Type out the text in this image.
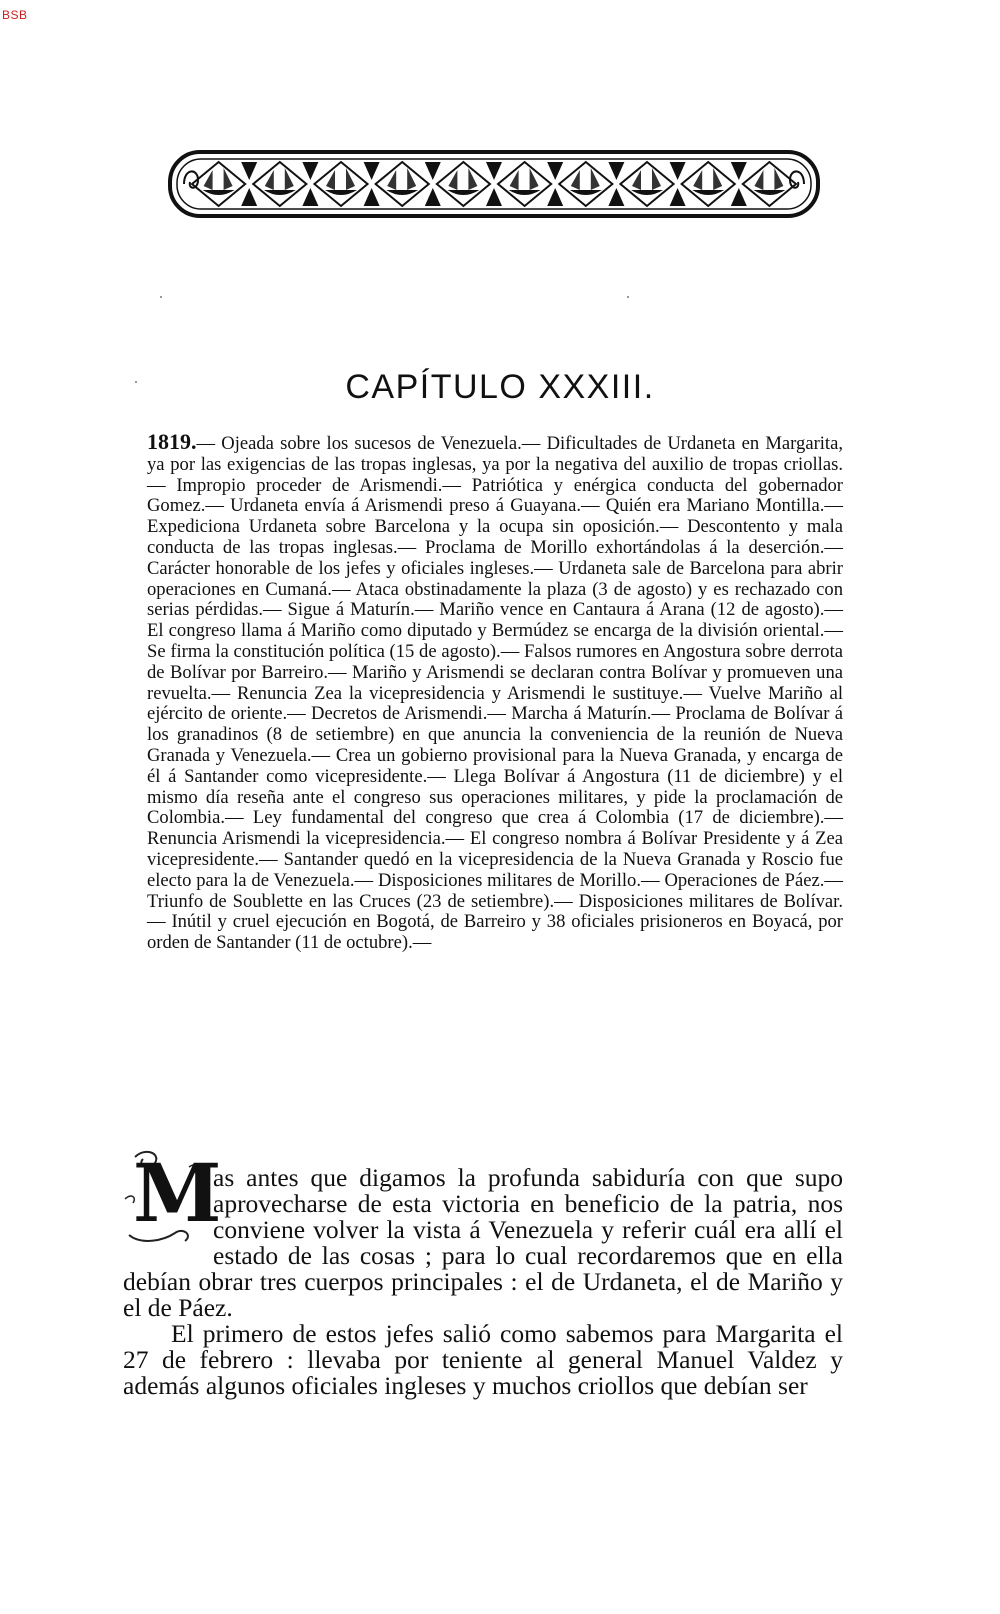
BSB
CAPÍTULO XXXIII.

1819.— Ojeada sobre los sucesos de Venezuela.— Dificultades de Urdaneta en Margarita, ya por las exigencias de las tropas inglesas, ya por la negativa del auxilio de tropas criollas.— Impropio proceder de Arismendi.— Patriótica y enérgica conducta del gobernador Gomez.— Urdaneta envía á Arismendi preso á Guayana.— Quién era Mariano Montilla.— Expediciona Urdaneta sobre Barcelona y la ocupa sin oposición.— Descontento y mala conducta de las tropas inglesas.— Proclama de Morillo exhortándolas á la deserción.— Carácter honorable de los jefes y oficiales ingleses.— Urdaneta sale de Barcelona para abrir operaciones en Cumaná.— Ataca obstinadamente la plaza (3 de agosto) y es rechazado con serias pérdidas.— Sigue á Maturín.— Mariño vence en Cantaura á Arana (12 de agosto).— El congreso llama á Mariño como diputado y Bermúdez se encarga de la división oriental.— Se firma la constitución política (15 de agosto).— Falsos rumores en Angostura sobre derrota de Bolívar por Barreiro.— Mariño y Arismendi se declaran contra Bolívar y promueven una revuelta.— Renuncia Zea la vicepresidencia y Arismendi le sustituye.— Vuelve Mariño al ejército de oriente.— Decretos de Arismendi.— Marcha á Maturín.— Proclama de Bolívar á los granadinos (8 de setiembre) en que anuncia la conveniencia de la reunión de Nueva Granada y Venezuela.— Crea un gobierno provisional para la Nueva Granada, y encarga de él á Santander como vicepresidente.— Llega Bolívar á Angostura (11 de diciembre) y el mismo día reseña ante el congreso sus operaciones militares, y pide la proclamación de Colombia.— Ley fundamental del congreso que crea á Colombia (17 de diciembre).— Renuncia Arismendi la vicepresidencia.— El congreso nombra á Bolívar Presidente y á Zea vicepresidente.— Santander quedó en la vicepresidencia de la Nueva Granada y Roscio fue electo para la de Venezuela.— Disposiciones militares de Morillo.— Operaciones de Páez.— Triunfo de Soublette en las Cruces (23 de setiembre).— Disposiciones militares de Bolívar.— Inútil y cruel ejecución en Bogotá, de Barreiro y 38 oficiales prisioneros en Boyacá, por orden de Santander (11 de octubre).—

M
as antes que digamos la profunda sabiduría con que supo aprovecharse de esta victoria en beneficio de la patria, nos conviene volver la vista á Venezuela y referir cuál era allí el estado de las cosas ; para lo cual recordaremos que en ella debían obrar tres cuerpos principales : el de Urdaneta, el de Mariño y el de Páez.

El primero de estos jefes salió como sabemos para Margarita el 27 de febrero : llevaba por teniente al general Manuel Valdez y además algunos oficiales ingleses y muchos criollos que debían ser
